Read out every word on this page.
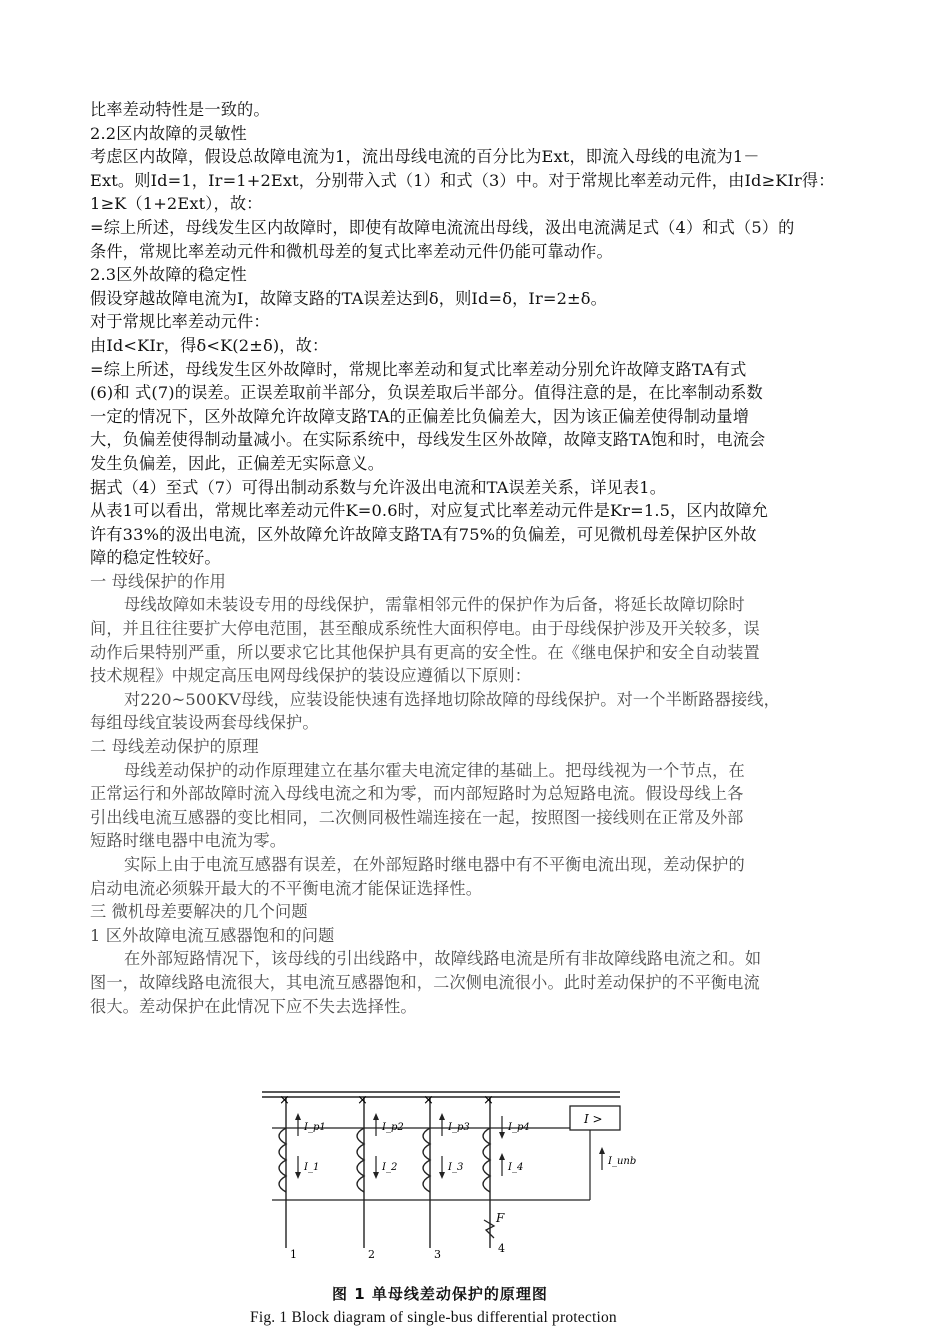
比率差动特性是一致的。
2.2区内故障的灵敏性
考虑区内故障，假设总故障电流为1，流出母线电流的百分比为Ext，即流入母线的电流为1－
Ext。则Id=1，Ir=1+2Ext，分别带入式（1）和式（3）中。对于常规比率差动元件，由Id≥KIr得：
1≥K（1+2Ext），故：
=综上所述，母线发生区内故障时，即使有故障电流流出母线，汲出电流满足式（4）和式（5）的
条件，常规比率差动元件和微机母差的复式比率差动元件仍能可靠动作。
2.3区外故障的稳定性
假设穿越故障电流为I，故障支路的TA误差达到δ，则Id=δ，Ir=2±δ。
对于常规比率差动元件：
由Id<KIr，得δ<K(2±δ)，故：
=综上所述，母线发生区外故障时，常规比率差动和复式比率差动分别允许故障支路TA有式
(6)和 式(7)的误差。正误差取前半部分，负误差取后半部分。值得注意的是，在比率制动系数
一定的情况下，区外故障允许故障支路TA的正偏差比负偏差大，因为该正偏差使得制动量增
大，负偏差使得制动量减小。在实际系统中，母线发生区外故障，故障支路TA饱和时，电流会
发生负偏差，因此，正偏差无实际意义。
据式（4）至式（7）可得出制动系数与允许汲出电流和TA误差关系，详见表1。
从表1可以看出，常规比率差动元件K=0.6时，对应复式比率差动元件是Kr=1.5，区内故障允
许有33%的汲出电流，区外故障允许故障支路TA有75%的负偏差，可见微机母差保护区外故
障的稳定性较好。
一 母线保护的作用
母线故障如未装设专用的母线保护，需靠相邻元件的保护作为后备，将延长故障切除时
间，并且往往要扩大停电范围，甚至酿成系统性大面积停电。由于母线保护涉及开关较多，误
动作后果特别严重，所以要求它比其他保护具有更高的安全性。在《继电保护和安全自动装置
技术规程》中规定高压电网母线保护的装设应遵循以下原则：
对220~500KV母线，应装设能快速有选择地切除故障的母线保护。对一个半断路器接线，
每组母线宜装设两套母线保护。
二 母线差动保护的原理
母线差动保护的动作原理建立在基尔霍夫电流定律的基础上。把母线视为一个节点，在
正常运行和外部故障时流入母线电流之和为零，而内部短路时为总短路电流。假设母线上各
引出线电流互感器的变比相同，二次侧同极性端连接在一起，按照图一接线则在正常及外部
短路时继电器中电流为零。
实际上由于电流互感器有误差，在外部短路时继电器中有不平衡电流出现，差动保护的
启动电流必须躲开最大的不平衡电流才能保证选择性。
三 微机母差要解决的几个问题
1 区外故障电流互感器饱和的问题
在外部短路情况下，该母线的引出线路中，故障线路电流是所有非故障线路电流之和。如
图一，故障线路电流很大，其电流互感器饱和，二次侧电流很小。此时差动保护的不平衡电流
很大。差动保护在此情况下应不失去选择性。
×	×	×	×
I >
I_p1	I_p2	I_p3	I_p4
I_1	I_2	I_3	I_4
I_unb
1	2	3	4
F
图 1 单母线差动保护的原理图
Fig. 1 Block diagram of single-bus differential protection
